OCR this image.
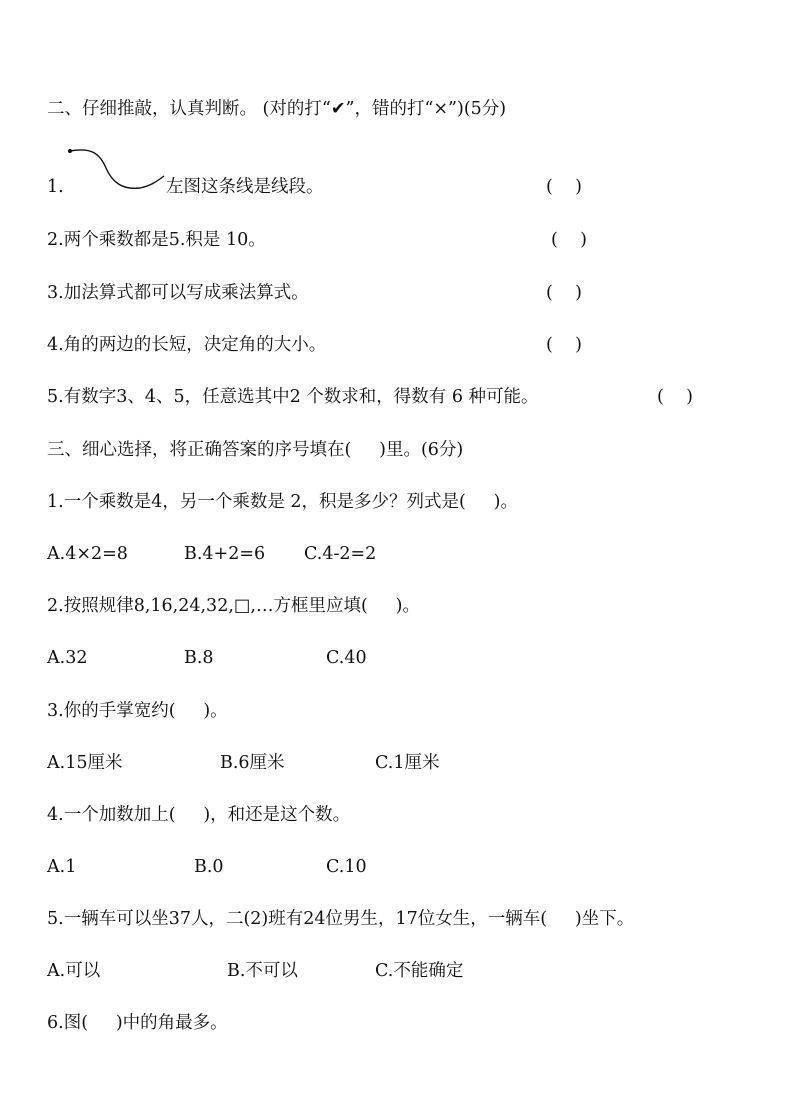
二、仔细推敲，认真判断。 (对的打“✔”，错的打“×”)(5分)
1.	左图这条线是线段。	(    )
2.两个乘数都是5.积是 10。	(    )
3.加法算式都可以写成乘法算式。	(    )
4.角的两边的长短，决定角的大小。	(    )
5.有数字3、4、5，任意选其中2 个数求和，得数有 6 种可能。	(    )
三、细心选择，将正确答案的序号填在(     )里。(6分)
1.一个乘数是4，另一个乘数是 2，积是多少？列式是(     )。
A.4×2=8	B.4+2=6 C.4-2=2
2.按照规律8,16,24,32,□,…方框里应填(     )。
A.32	B.8	C.40
3.你的手掌宽约(     )。
A.15厘米	B.6厘米	C.1厘米
4.一个加数加上(     )，和还是这个数。
A.1	B.0	C.10
5.一辆车可以坐37人，二(2)班有24位男生，17位女生，一辆车(     )坐下。
A.可以	B.不可以	C.不能确定
6.图(     )中的角最多。
